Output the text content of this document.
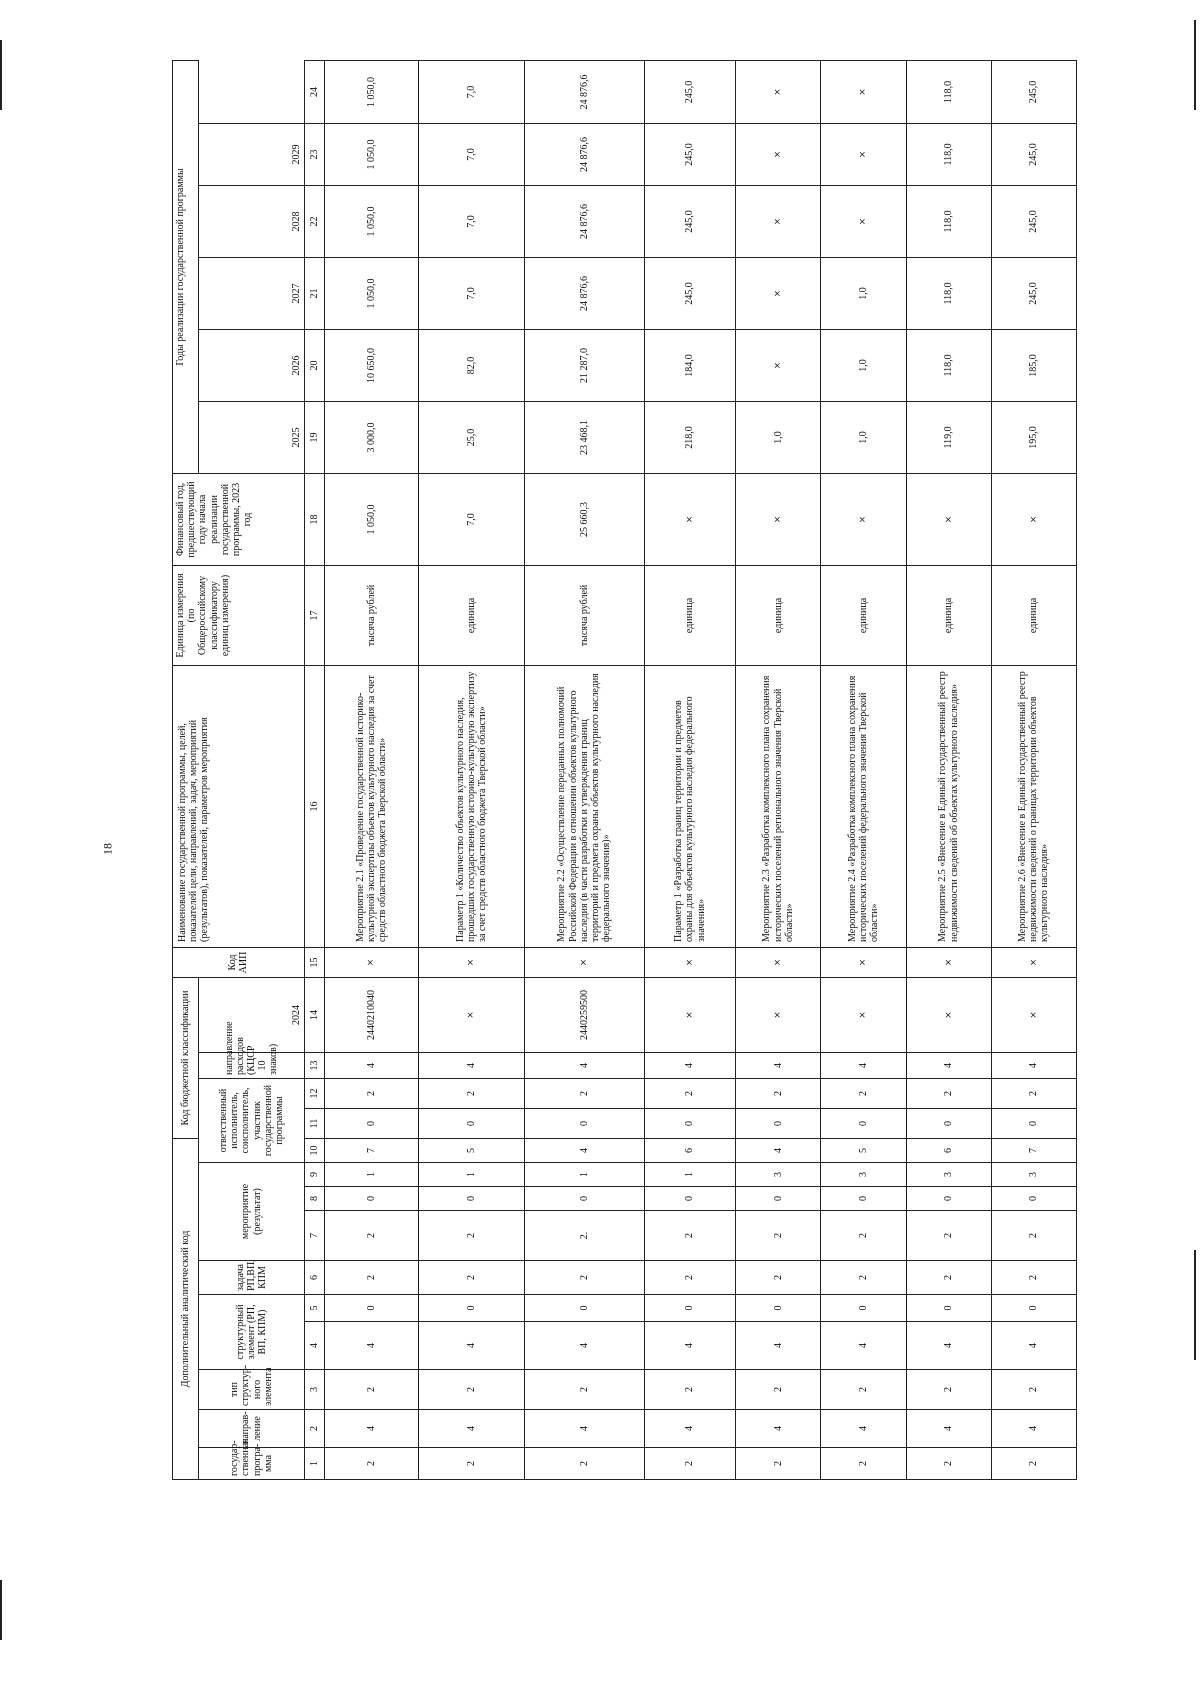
18
Дополнительный аналитический код										Код бюджетной классификации				Код АИП	Наименование государственной программы, целей, показателей цели, направлений, задач, мероприятий (результатов), показателей, параметров мероприятия	Единица измерения (по Общероссийскому классификатору единиц измерения)	Финансовый год, предшествующий году начала реализации государственной программы, 2023 год	Годы реализации государственной программы					
государ-ственная програ-мма	направ-ление	тип структур-ного элемента	структурный элемент (РП, ВП, КПМ)		задача РП,ВП, КПМ	мероприятие (результат)			ответственный исполнитель, соисполнитель, участник государственной программы			направление расходов (КЦСР 10 знаков)	2024					2025	2026	2027	2028	2029	
1	2	3	4	5	6	7	8	9	10	11	12	13	14	15	16	17	18	19	20	21	22	23	24
2	4	2	4	0	2	2	0	1	7	0	2	4	2440210040	×	Мероприятие 2.1 «Проведение государственной историко-культурной экспертизы объектов культурного наследия за счет средств областного бюджета Тверской области»	тысяча рублей	1 050,0	3 000,0	10 650,0	1 050,0	1 050,0	1 050,0	1 050,0
2	4	2	4	0	2	2	0	1	5	0	2	4	×	×	Параметр 1 «Количество объектов культурного наследия, прошедших государственную историко-культурную экспертизу за счет средств областного бюджета Тверской области»	единица	7,0	25,0	82,0	7,0	7,0	7,0	7,0
2	4	2	4	0	2	2.	0	1	4	0	2	4	2440259500	×	Мероприятие 2.2 «Осуществление переданных полномочий Российской Федерации в отношении объектов культурного наследия (в части разработки и утверждения границ территорий и предмета охраны объектов культурного наследия федерального значения)»	тысяча рублей	25 660,3	23 468,1	21 287,0	24 876,6	24 876,6	24 876,6	24 876,6
2	4	2	4	0	2	2	0	1	6	0	2	4	×	×	Параметр 1 «Разработка границ территории и предметов охраны для объектов культурного наследия федерального значения»	единица	×	218,0	184,0	245,0	245,0	245,0	245,0
2	4	2	4	0	2	2	0	3	4	0	2	4	×	×	Мероприятие 2.3 «Разработка комплексного плана сохранения исторических поселений регионального значения Тверской области»	единица	×	1,0	×	×	×	×	×
2	4	2	4	0	2	2	0	3	5	0	2	4	×	×	Мероприятие 2.4 «Разработка комплексного плана сохранения исторических поселений федерального значения Тверской области»	единица	×	1,0	1,0	1,0	×	×	×
2	4	2	4	0	2	2	0	3	6	0	2	4	×	×	Мероприятие 2.5 «Внесение в Единый государственный реестр недвижимости сведений об объектах культурного наследия»	единица	×	119,0	118,0	118,0	118,0	118,0	118,0
2	4	2	4	0	2	2	0	3	7	0	2	4	×	×	Мероприятие 2.6 «Внесение в Единый государственный реестр недвижимости сведений о границах территории объектов культурного наследия»	единица	×	195,0	185,0	245,0	245,0	245,0	245,0
